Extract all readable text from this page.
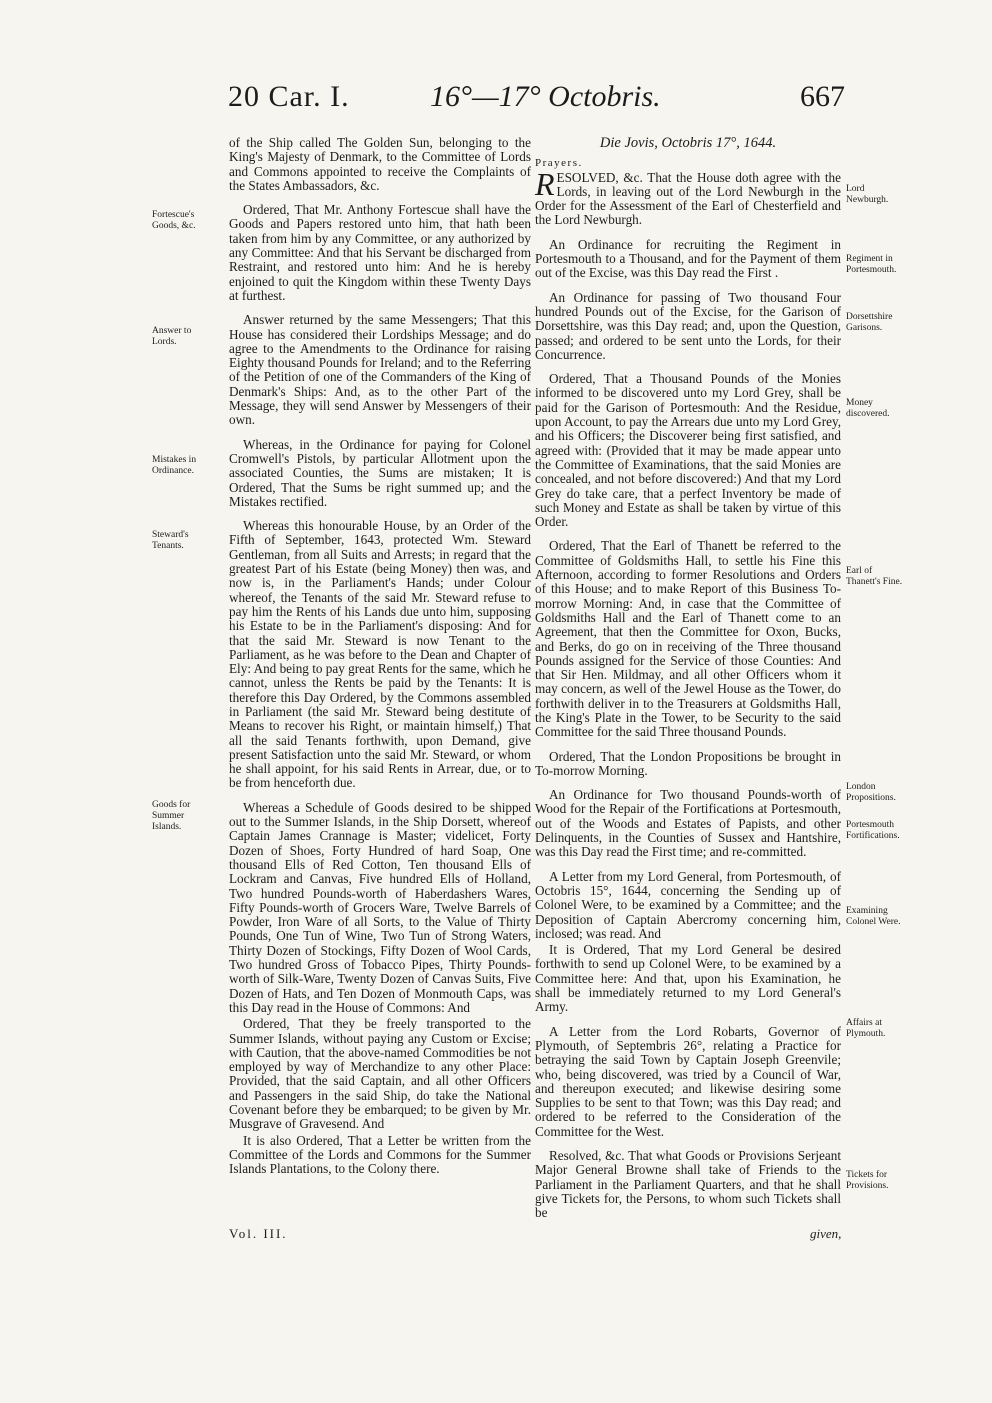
20 Car. I.	16°—17° Octobris.	667

of the Ship called The Golden Sun, belonging to the King's Majesty of Denmark, to the Committee of Lords and Commons appointed to receive the Complaints of the States Ambassadors, &c.

Ordered, That Mr. Anthony Fortescue shall have the Goods and Papers restored unto him, that hath been taken from him by any Committee, or any authorized by any Committee: And that his Servant be discharged from Restraint, and restored unto him: And he is hereby enjoined to quit the Kingdom within these Twenty Days at furthest.

Answer returned by the same Messengers; That this House has considered their Lordships Message; and do agree to the Amendments to the Ordinance for raising Eighty thousand Pounds for Ireland; and to the Referring of the Petition of one of the Commanders of the King of Denmark's Ships: And, as to the other Part of the Message, they will send Answer by Messengers of their own.

Whereas, in the Ordinance for paying for Colonel Cromwell's Pistols, by particular Allotment upon the associated Counties, the Sums are mistaken; It is Ordered, That the Sums be right summed up; and the Mistakes rectified.

Whereas this honourable House, by an Order of the Fifth of September, 1643, protected Wm. Steward Gentleman, from all Suits and Arrests; in regard that the greatest Part of his Estate (being Money) then was, and now is, in the Parliament's Hands; under Colour whereof, the Tenants of the said Mr. Steward refuse to pay him the Rents of his Lands due unto him, supposing his Estate to be in the Parliament's disposing: And for that the said Mr. Steward is now Tenant to the Parliament, as he was before to the Dean and Chapter of Ely: And being to pay great Rents for the same, which he cannot, unless the Rents be paid by the Tenants: It is therefore this Day Ordered, by the Commons assembled in Parliament (the said Mr. Steward being destitute of Means to recover his Right, or maintain himself,) That all the said Tenants forthwith, upon Demand, give present Satisfaction unto the said Mr. Steward, or whom he shall appoint, for his said Rents in Arrear, due, or to be from henceforth due.

Whereas a Schedule of Goods desired to be shipped out to the Summer Islands, in the Ship Dorsett, whereof Captain James Crannage is Master; videlicet, Forty Dozen of Shoes, Forty Hundred of hard Soap, One thousand Ells of Red Cotton, Ten thousand Ells of Lockram and Canvas, Five hundred Ells of Holland, Two hundred Pounds-worth of Haberdashers Wares, Fifty Pounds-worth of Grocers Ware, Twelve Barrels of Powder, Iron Ware of all Sorts, to the Value of Thirty Pounds, One Tun of Wine, Two Tun of Strong Waters, Thirty Dozen of Stockings, Fifty Dozen of Wool Cards, Two hundred Gross of Tobacco Pipes, Thirty Pounds-worth of Silk-Ware, Twenty Dozen of Canvas Suits, Five Dozen of Hats, and Ten Dozen of Monmouth Caps, was this Day read in the House of Commons: And

Ordered, That they be freely transported to the Summer Islands, without paying any Custom or Excise; with Caution, that the above-named Commodities be not employed by way of Merchandize to any other Place: Provided, that the said Captain, and all other Officers and Passengers in the said Ship, do take the National Covenant before they be embarqued; to be given by Mr. Musgrave of Gravesend. And

It is also Ordered, That a Letter be written from the Committee of the Lords and Commons for the Summer Islands Plantations, to the Colony there.

Fortescue's Goods, &c.
Answer to Lords.
Mistakes in Ordinance.
Steward's Tenants.
Goods for Summer Islands.

Die Jovis, Octobris 17°, 1644.

Prayers.

RESOLVED, &c. That the House doth agree with the Lords, in leaving out of the Lord Newburgh in the Order for the Assessment of the Earl of Chesterfield and the Lord Newburgh.

An Ordinance for recruiting the Regiment in Portesmouth to a Thousand, and for the Payment of them out of the Excise, was this Day read the First .

An Ordinance for passing of Two thousand Four hundred Pounds out of the Excise, for the Garison of Dorsettshire, was this Day read; and, upon the Question, passed; and ordered to be sent unto the Lords, for their Concurrence.

Ordered, That a Thousand Pounds of the Monies informed to be discovered unto my Lord Grey, shall be paid for the Garison of Portesmouth: And the Residue, upon Account, to pay the Arrears due unto my Lord Grey, and his Officers; the Discoverer being first satisfied, and agreed with: (Provided that it may be made appear unto the Committee of Examinations, that the said Monies are concealed, and not before discovered:) And that my Lord Grey do take care, that a perfect Inventory be made of such Money and Estate as shall be taken by virtue of this Order.

Ordered, That the Earl of Thanett be referred to the Committee of Goldsmiths Hall, to settle his Fine this Afternoon, according to former Resolutions and Orders of this House; and to make Report of this Business To-morrow Morning: And, in case that the Committee of Goldsmiths Hall and the Earl of Thanett come to an Agreement, that then the Committee for Oxon, Bucks, and Berks, do go on in receiving of the Three thousand Pounds assigned for the Service of those Counties: And that Sir Hen. Mildmay, and all other Officers whom it may concern, as well of the Jewel House as the Tower, do forthwith deliver in to the Treasurers at Goldsmiths Hall, the King's Plate in the Tower, to be Security to the said Committee for the said Three thousand Pounds.

Ordered, That the London Propositions be brought in To-morrow Morning.

An Ordinance for Two thousand Pounds-worth of Wood for the Repair of the Fortifications at Portesmouth, out of the Woods and Estates of Papists, and other Delinquents, in the Counties of Sussex and Hantshire, was this Day read the First time; and re-committed.

A Letter from my Lord General, from Portesmouth, of Octobris 15°, 1644, concerning the Sending up of Colonel Were, to be examined by a Committee; and the Deposition of Captain Abercromy concerning him, inclosed; was read. And

It is Ordered, That my Lord General be desired forthwith to send up Colonel Were, to be examined by a Committee here: And that, upon his Examination, he shall be immediately returned to my Lord General's Army.

A Letter from the Lord Robarts, Governor of Plymouth, of Septembris 26°, relating a Practice for betraying the said Town by Captain Joseph Greenvile; who, being discovered, was tried by a Council of War, and thereupon executed; and likewise desiring some Supplies to be sent to that Town; was this Day read; and ordered to be referred to the Consideration of the Committee for the West.

Resolved, &c. That what Goods or Provisions Serjeant Major General Browne shall take of Friends to the Parliament in the Parliament Quarters, and that he shall give Tickets for, the Persons, to whom such Tickets shall be

Lord Newburgh.
Regiment in Portesmouth.
Dorsettshire Garisons.
Money discovered.
Earl of Thanett's Fine.
London Propositions.
Portesmouth Fortifications.
Examining Colonel Were.
Affairs at Plymouth.
Tickets for Provisions.
Vol. III.	given,
